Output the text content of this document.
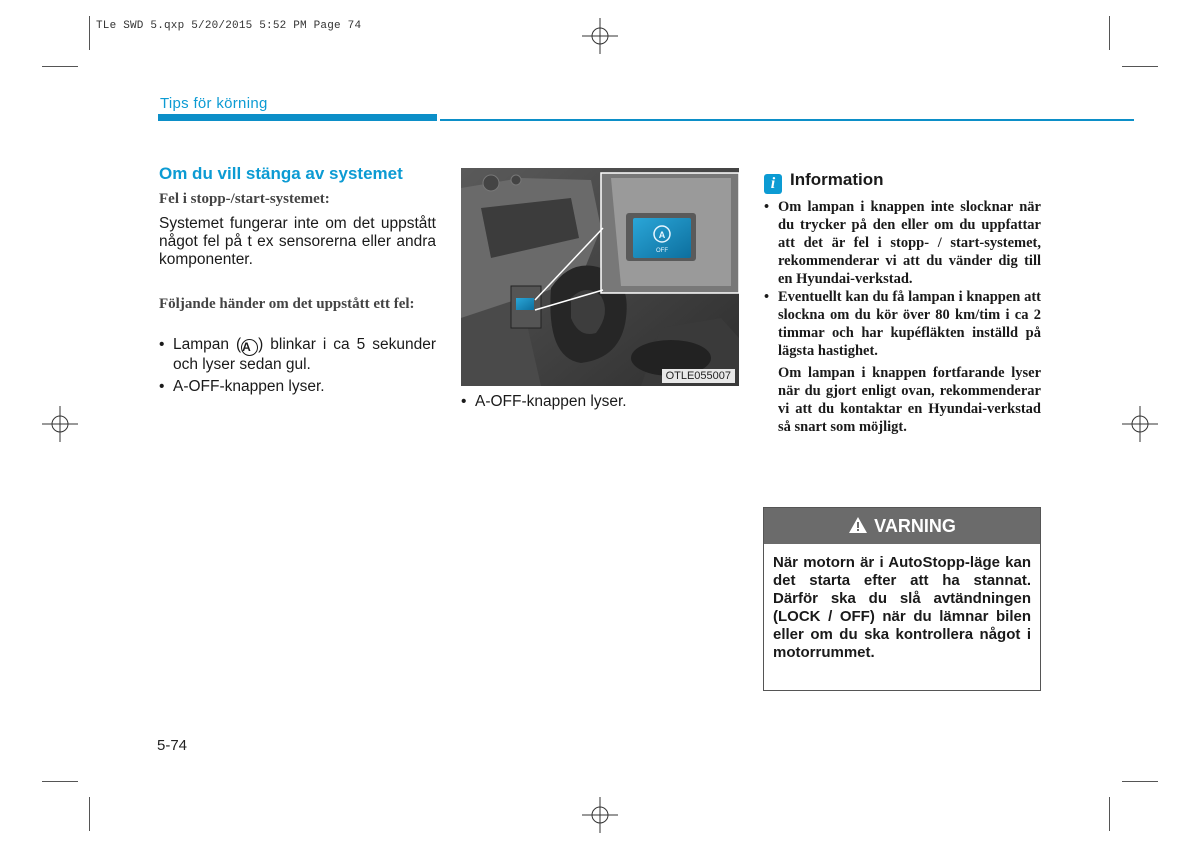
TLe SWD 5.qxp 5/20/2015 5:52 PM Page 74
Tips för körning
Om du vill stänga av systemet
Fel i stopp-/start-systemet:
Systemet fungerar inte om det uppstått något fel på t ex sensorerna eller andra komponenter.
Följande händer om det uppstått ett fel:
• Lampan (A ) blinkar i ca 5 sekunder och lyser sedan gul.
• A-OFF-knappen lyser.
A
OFF
OTLE055007
• A-OFF-knappen lyser.
i Information
• Om lampan i knappen inte slocknar när du trycker på den eller om du uppfattar att det är fel i stopp- / start-systemet, rekommenderar vi att du vänder dig till en Hyundai-verkstad.
• Eventuellt kan du få lampan i knappen att slockna om du kör över 80 km/tim i ca 2 timmar och har kupéfläkten inställd på lägsta hastighet.
Om lampan i knappen fortfarande lyser när du gjort enligt ovan, rekommenderar vi att du kontaktar en Hyundai-verkstad så snart som möjligt.
VARNING
När motorn är i AutoStopp-läge kan det starta efter att ha stannat. Därför ska du slå avtändningen (LOCK / OFF) när du lämnar bilen eller om du ska kontrollera något i motorrummet.
5-74
